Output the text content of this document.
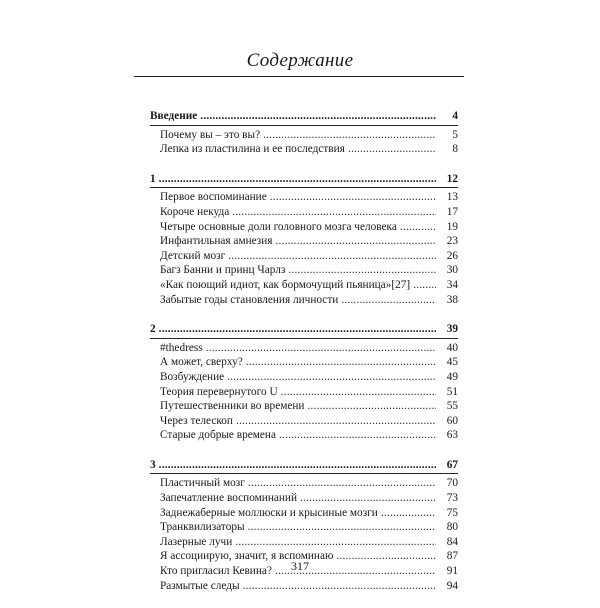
Содержание
Введение .....	4
Почему вы – это вы? .....	5
Лепка из пластилина и ее последствия .....	8
1 .....	12
Первое воспоминание .....	13
Короче некуда .....	17
Четыре основные доли головного мозга человека .....	19
Инфантильная амнезия .....	23
Детский мозг .....	26
Багз Банни и принц Чарлз .....	30
«Как поющий идиот, как бормочущий пьяница»[27] .....	34
Забытые годы становления личности .....	38
2 .....	39
#thedress .....	40
А может, сверху? .....	45
Возбуждение .....	49
Теория перевернутого U .....	51
Путешественники во времени .....	55
Через телескоп .....	60
Старые добрые времена .....	63
3 .....	67
Пластичный мозг .....	70
Запечатление воспоминаний .....	73
Заднежаберные моллюски и крысиные мозги .....	75
Транквилизаторы .....	80
Лазерные лучи .....	84
Я ассоциирую, значит, я вспоминаю .....	87
Кто пригласил Кевина? .....	91
Размытые следы .....	94
317
